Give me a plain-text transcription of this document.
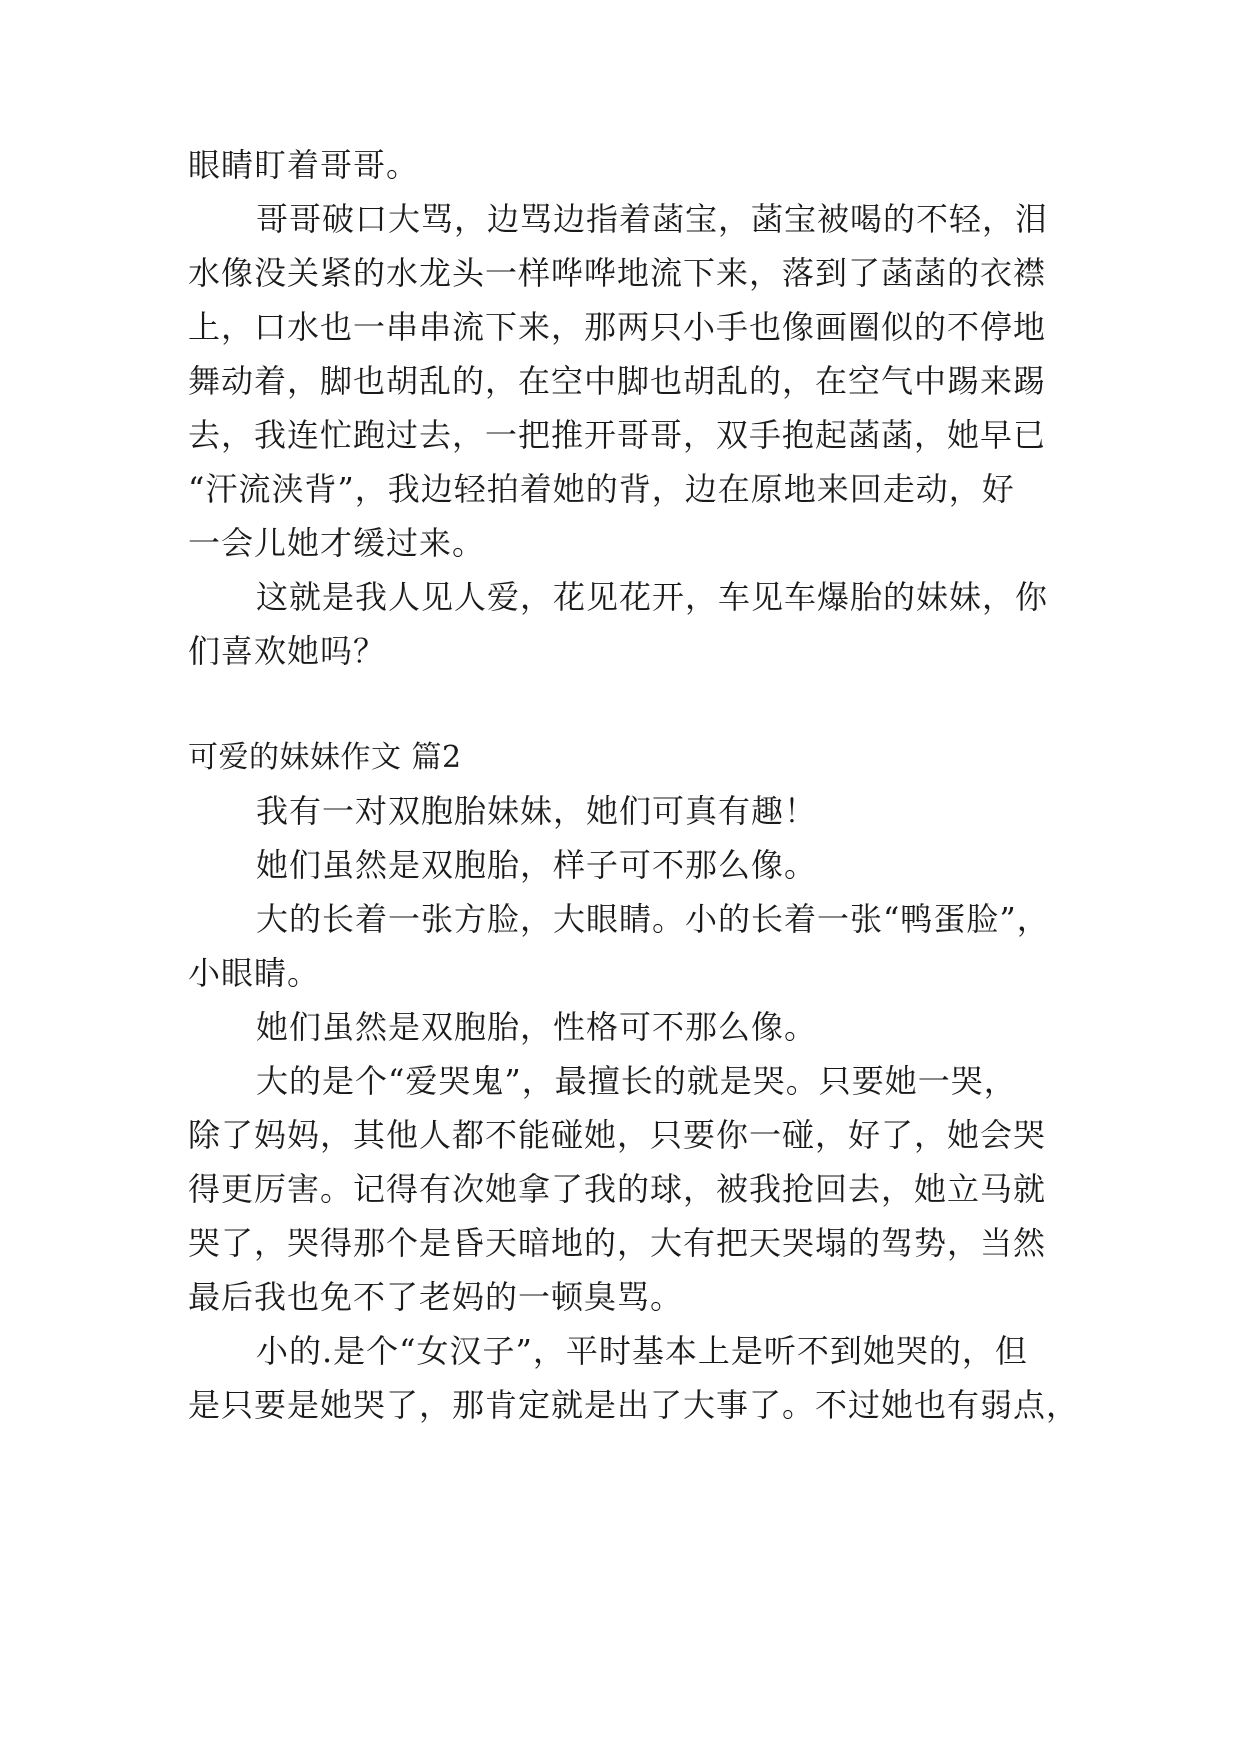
眼睛盯着哥哥。
哥哥破口大骂，边骂边指着菡宝，菡宝被喝的不轻，泪
水像没关紧的水龙头一样哗哗地流下来，落到了菡菡的衣襟
上，口水也一串串流下来，那两只小手也像画圈似的不停地
舞动着，脚也胡乱的，在空中脚也胡乱的，在空气中踢来踢
去，我连忙跑过去，一把推开哥哥，双手抱起菡菡，她早已
“汗流浃背”，我边轻拍着她的背，边在原地来回走动，好
一会儿她才缓过来。
这就是我人见人爱，花见花开，车见车爆胎的妹妹，你
们喜欢她吗？
可爱的妹妹作文 篇2
我有一对双胞胎妹妹，她们可真有趣！
她们虽然是双胞胎，样子可不那么像。
大的长着一张方脸，大眼睛。小的长着一张“鸭蛋脸”，
小眼睛。
她们虽然是双胞胎，性格可不那么像。
大的是个“爱哭鬼”，最擅长的就是哭。只要她一哭，
除了妈妈，其他人都不能碰她，只要你一碰，好了，她会哭
得更厉害。记得有次她拿了我的球，被我抢回去，她立马就
哭了，哭得那个是昏天暗地的，大有把天哭塌的驾势，当然
最后我也免不了老妈的一顿臭骂。
小的.是个“女汉子”，平时基本上是听不到她哭的，但
是只要是她哭了，那肯定就是出了大事了。不过她也有弱点，
